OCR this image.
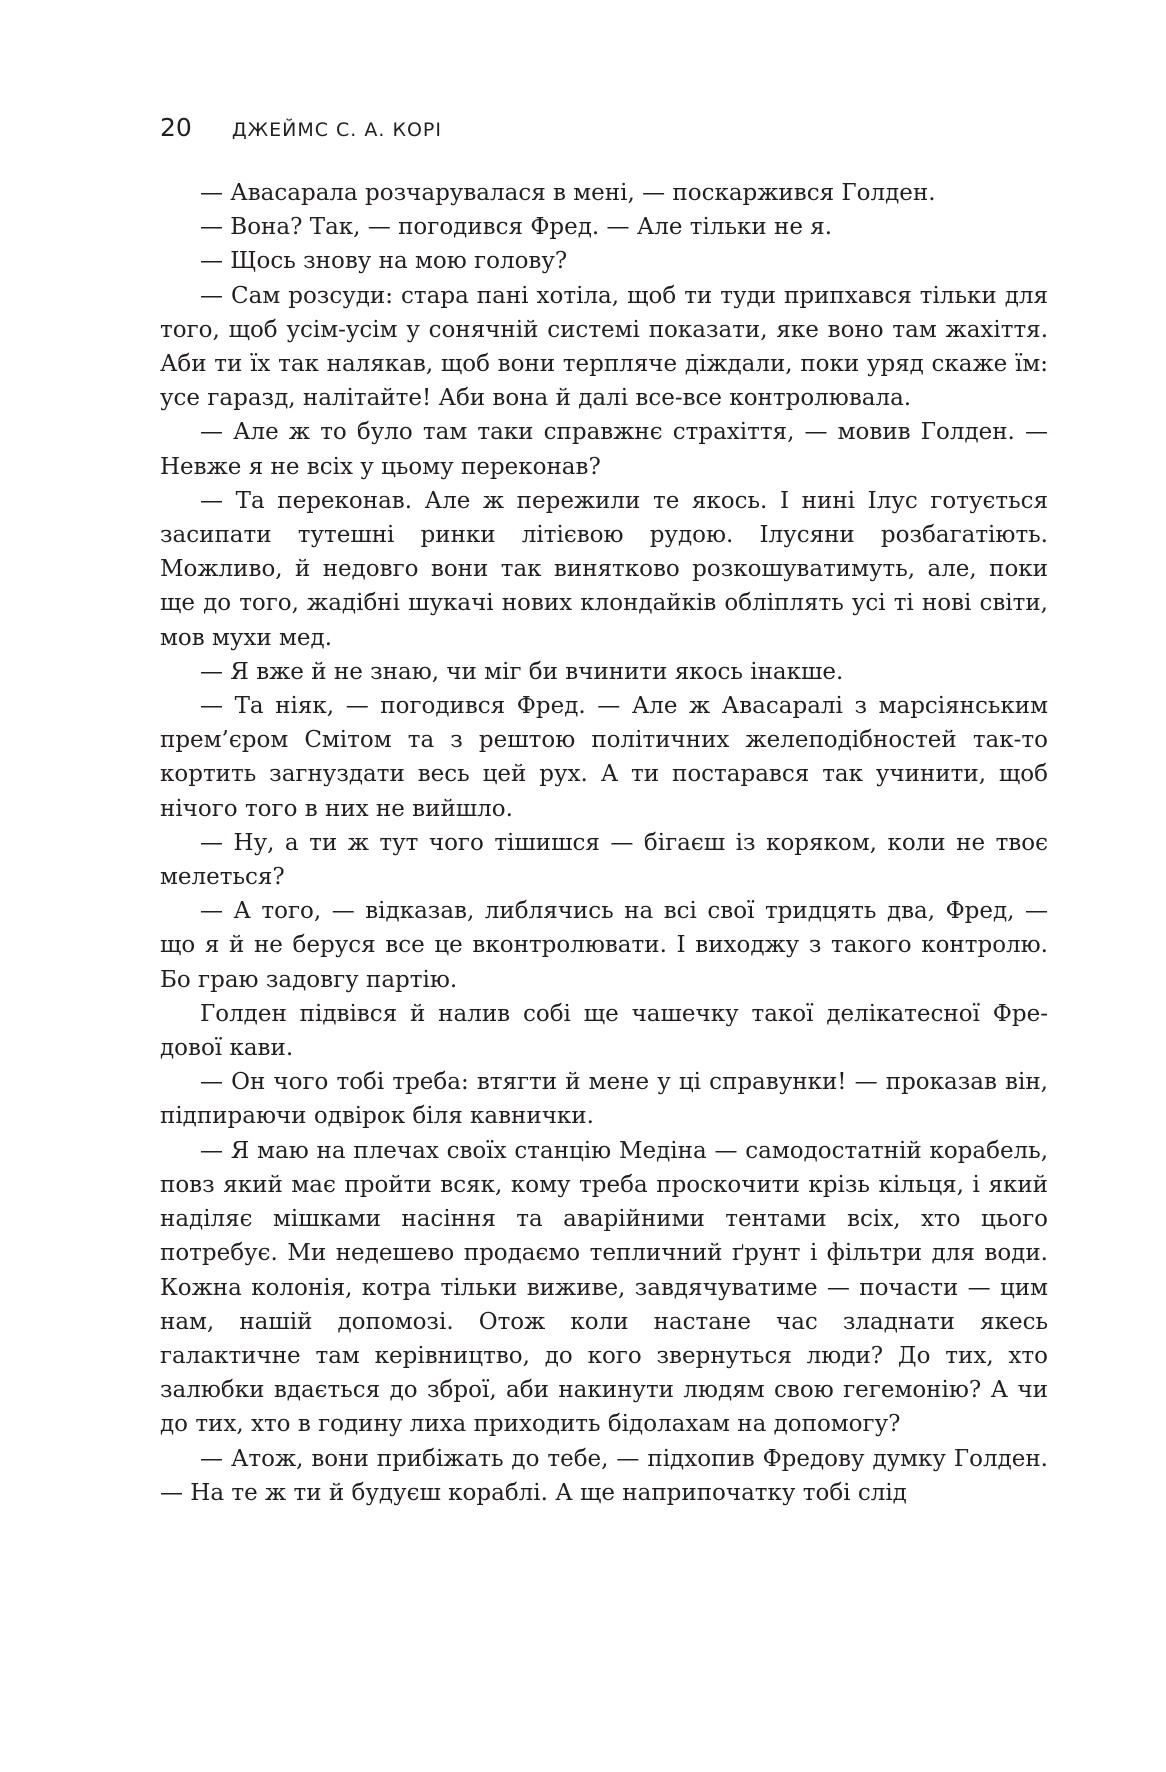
20 ДЖЕЙМС С. А. КОРІ

— Авасарала розчарувалася в мені, — поскаржився Голден.

— Вона? Так, — погодився Фред. — Але тільки не я.

— Щось знову на мою голову?

— Сам розсуди: стара пані хотіла, щоб ти туди припхався тільки для того, щоб усім-усім у сонячній системі показати, яке воно там жахіття. Аби ти їх так налякав, щоб вони терпляче діждали, поки уряд скаже їм: усе гаразд, налітайте! Аби вона й далі все-все контролювала.

— Але ж то було там таки справжнє страхіття, — мовив Голден. — Невже я не всіх у цьому переконав?

— Та переконав. Але ж пережили те якось. І нині Ілус готується засипати тутешні ринки літієвою рудою. Ілусяни розбагатіють. Можливо, й недовго вони так винятково розкошуватимуть, але, поки ще до того, жадібні шукачі нових клондайків обліплять усі ті нові світи, мов мухи мед.

— Я вже й не знаю, чи міг би вчинити якось інакше.

— Та ніяк, — погодився Фред. — Але ж Авасаралі з марсіянським прем’єром Смітом та з рештою політичних желеподібностей так-то кортить загнуздати весь цей рух. А ти постарався так учинити, щоб нічого того в них не вийшло.

— Ну, а ти ж тут чого тішишся — бігаєш із коряком, коли не твоє мелеться?

— А того, — відказав, либлячись на всі свої тридцять два, Фред, — що я й не беруся все це вконтролювати. І виходжу з такого контролю. Бо граю задовгу партію.

Голден підвівся й налив собі ще чашечку такої делікатесної Фредової кави.

— Он чого тобі треба: втягти й мене у ці справунки! — проказав він, підпираючи одвірок біля кавнички.

— Я маю на плечах своїх станцію Медіна — самодостатній корабель, повз який має пройти всяк, кому треба проскочити крізь кільця, і який наділяє мішками насіння та аварійними тентами всіх, хто цього потребує. Ми недешево продаємо тепличний ґрунт і фільтри для води. Кожна колонія, котра тільки виживе, завдячуватиме — почасти — цим нам, нашій допомозі. Отож коли настане час зладнати якесь галактичне там керівництво, до кого звернуться люди? До тих, хто залюбки вдається до зброї, аби накинути людям свою гегемонію? А чи до тих, хто в годину лиха приходить бідолахам на допомогу?

— Атож, вони прибіжать до тебе, — підхопив Фредову думку Голден. — На те ж ти й будуєш кораблі. А ще наприпочатку тобі слід
